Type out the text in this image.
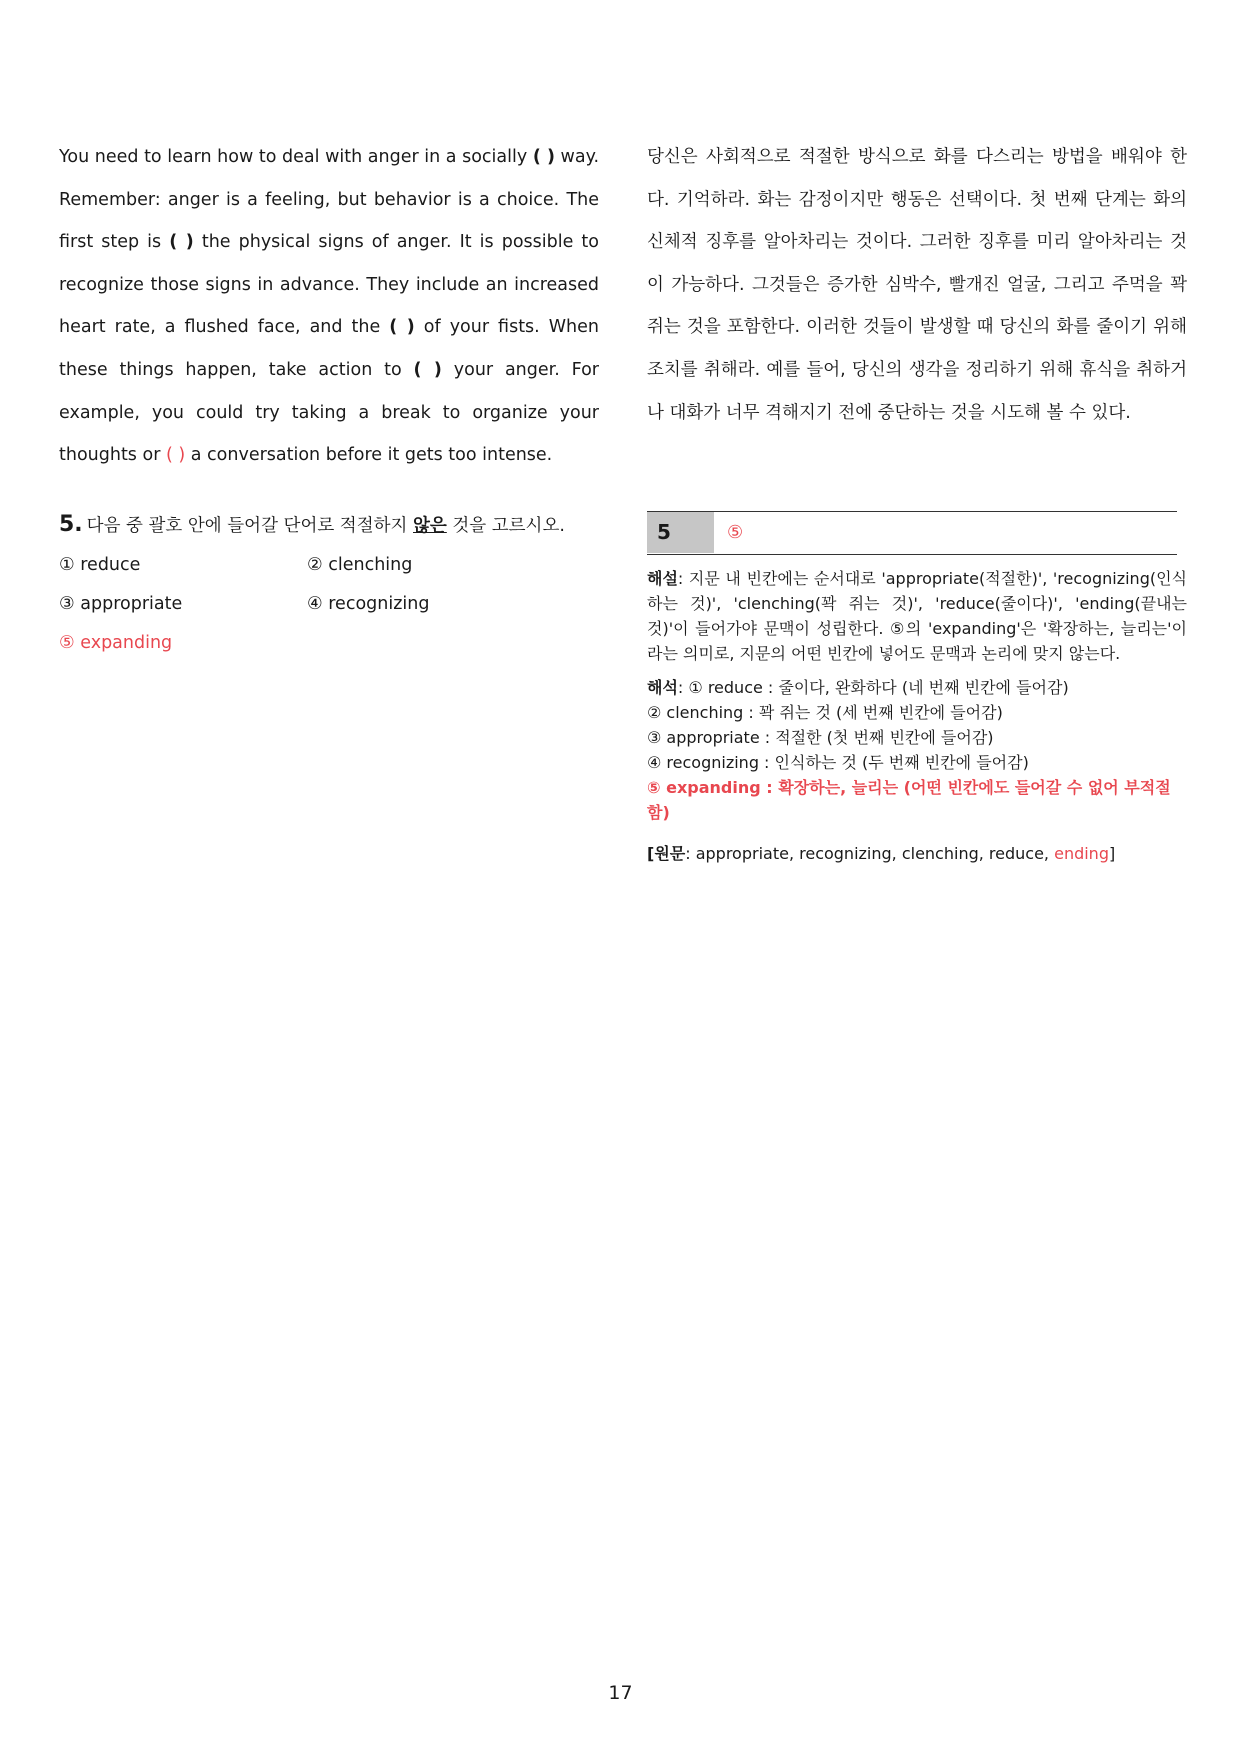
You need to learn how to deal with anger in a socially ( ) way. Remember: anger is a feeling, but behavior is a choice. The first step is ( ) the physical signs of anger. It is possible to recognize those signs in advance. They include an increased heart rate, a flushed face, and the ( ) of your fists. When these things happen, take action to ( ) your anger. For example, you could try taking a break to organize your thoughts or ( ) a conversation before it gets too intense.
당신은 사회적으로 적절한 방식으로 화를 다스리는 방법을 배워야 한다. 기억하라. 화는 감정이지만 행동은 선택이다. 첫 번째 단계는 화의 신체적 징후를 알아차리는 것이다. 그러한 징후를 미리 알아차리는 것이 가능하다. 그것들은 증가한 심박수, 빨개진 얼굴, 그리고 주먹을 꽉 쥐는 것을 포함한다. 이러한 것들이 발생할 때 당신의 화를 줄이기 위해 조치를 취해라. 예를 들어, 당신의 생각을 정리하기 위해 휴식을 취하거나 대화가 너무 격해지기 전에 중단하는 것을 시도해 볼 수 있다.
5. 다음 중 괄호 안에 들어갈 단어로 적절하지 않은 것을 고르시오.
① reduce	② clenching
③ appropriate	④ recognizing
⑤ expanding
5	⑤
해설: 지문 내 빈칸에는 순서대로 'appropriate(적절한)', 'recognizing(인식하는 것)', 'clenching(꽉 쥐는 것)', 'reduce(줄이다)', 'ending(끝내는 것)'이 들어가야 문맥이 성립한다. ⑤의 'expanding'은 '확장하는, 늘리는'이라는 의미로, 지문의 어떤 빈칸에 넣어도 문맥과 논리에 맞지 않는다.
해석: ① reduce : 줄이다, 완화하다 (네 번째 빈칸에 들어감)
② clenching : 꽉 쥐는 것 (세 번째 빈칸에 들어감)
③ appropriate : 적절한 (첫 번째 빈칸에 들어감)
④ recognizing : 인식하는 것 (두 번째 빈칸에 들어감)
⑤ expanding : 확장하는, 늘리는 (어떤 빈칸에도 들어갈 수 없어 부적절함)
[원문: appropriate, recognizing, clenching, reduce, ending]
17
